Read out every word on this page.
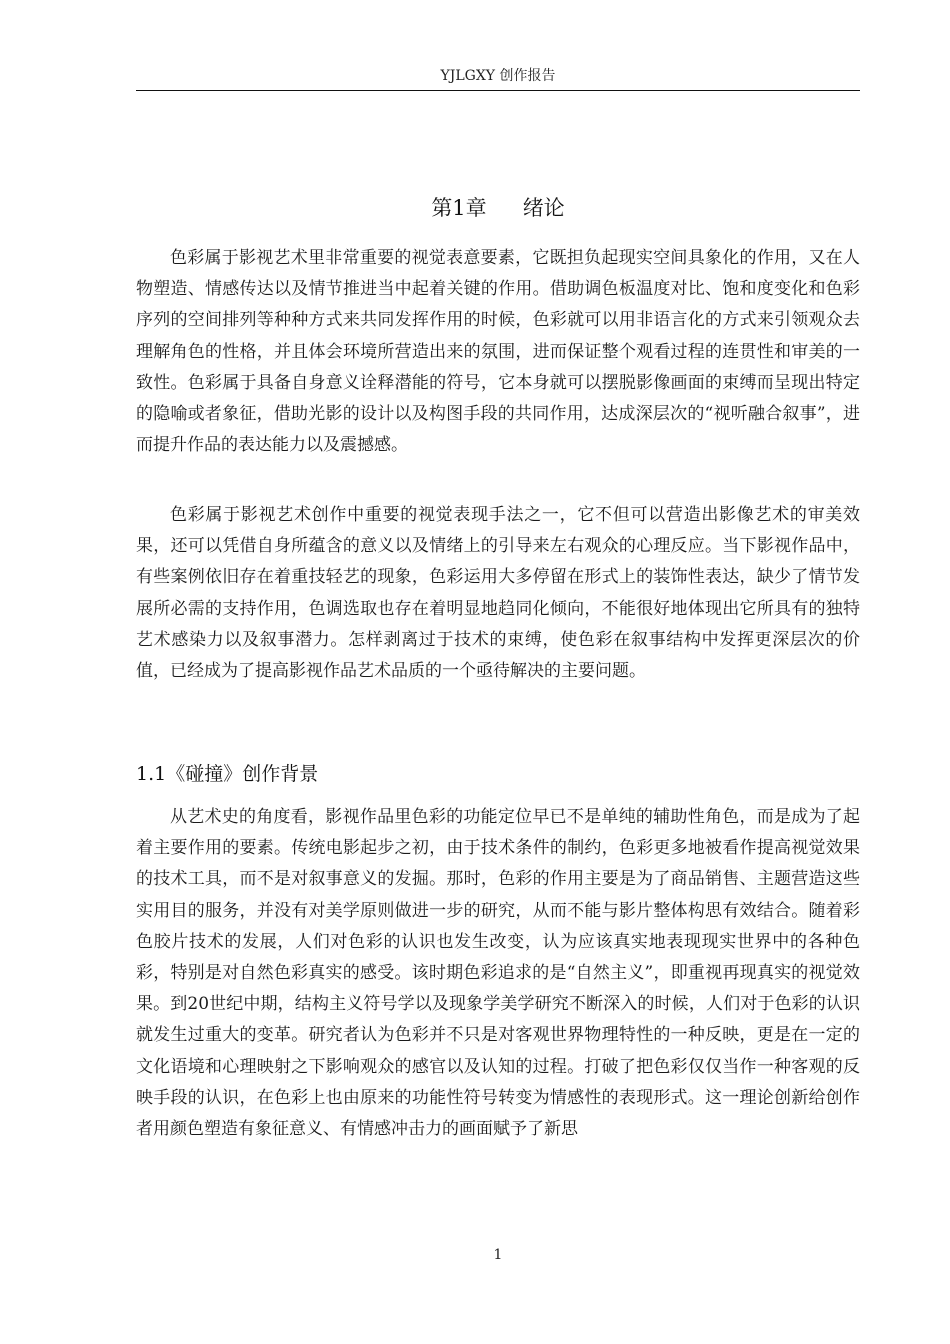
YJLGXY 创作报告
第1章 绪论

色彩属于影视艺术里非常重要的视觉表意要素，它既担负起现实空间具象化的作用，又在人物塑造、情感传达以及情节推进当中起着关键的作用。借助调色板温度对比、饱和度变化和色彩序列的空间排列等种种方式来共同发挥作用的时候，色彩就可以用非语言化的方式来引领观众去理解角色的性格，并且体会环境所营造出来的氛围，进而保证整个观看过程的连贯性和审美的一致性。色彩属于具备自身意义诠释潜能的符号，它本身就可以摆脱影像画面的束缚而呈现出特定的隐喻或者象征，借助光影的设计以及构图手段的共同作用，达成深层次的“视听融合叙事”，进而提升作品的表达能力以及震撼感。

色彩属于影视艺术创作中重要的视觉表现手法之一，它不但可以营造出影像艺术的审美效果，还可以凭借自身所蕴含的意义以及情绪上的引导来左右观众的心理反应。当下影视作品中，有些案例依旧存在着重技轻艺的现象，色彩运用大多停留在形式上的装饰性表达，缺少了情节发展所必需的支持作用，色调选取也存在着明显地趋同化倾向，不能很好地体现出它所具有的独特艺术感染力以及叙事潜力。怎样剥离过于技术的束缚，使色彩在叙事结构中发挥更深层次的价值，已经成为了提高影视作品艺术品质的一个亟待解决的主要问题。

1.1《碰撞》创作背景

从艺术史的角度看，影视作品里色彩的功能定位早已不是单纯的辅助性角色，而是成为了起着主要作用的要素。传统电影起步之初，由于技术条件的制约，色彩更多地被看作提高视觉效果的技术工具，而不是对叙事意义的发掘。那时，色彩的作用主要是为了商品销售、主题营造这些实用目的服务，并没有对美学原则做进一步的研究，从而不能与影片整体构思有效结合。随着彩色胶片技术的发展，人们对色彩的认识也发生改变，认为应该真实地表现现实世界中的各种色彩，特别是对自然色彩真实的感受。该时期色彩追求的是“自然主义”，即重视再现真实的视觉效果。到20世纪中期，结构主义符号学以及现象学美学研究不断深入的时候，人们对于色彩的认识就发生过重大的变革。研究者认为色彩并不只是对客观世界物理特性的一种反映，更是在一定的文化语境和心理映射之下影响观众的感官以及认知的过程。打破了把色彩仅仅当作一种客观的反映手段的认识，在色彩上也由原来的功能性符号转变为情感性的表现形式。这一理论创新给创作者用颜色塑造有象征意义、有情感冲击力的画面赋予了新思

1
